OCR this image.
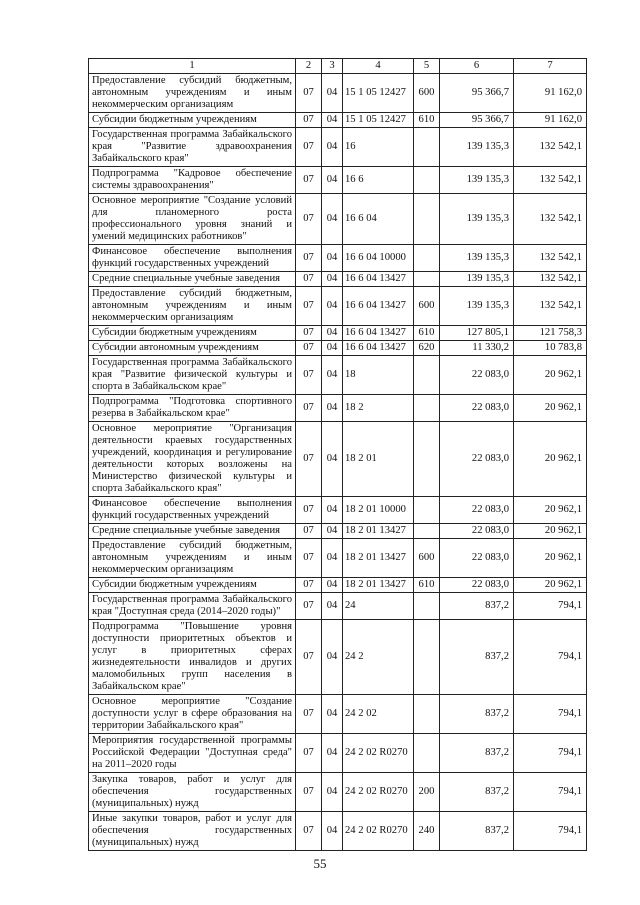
1	2	3	4	5	6	7
Предоставление субсидий бюджетным, автономным учреждениям и иным некоммерческим организациям	07	04	15 1 05 12427	600	95 366,7	91 162,0
Субсидии бюджетным учреждениям	07	04	15 1 05 12427	610	95 366,7	91 162,0
Государственная программа Забайкальского края "Развитие здравоохранения Забайкальского края"	07	04	16		139 135,3	132 542,1
Подпрограмма "Кадровое обеспечение системы здравоохранения"	07	04	16 6		139 135,3	132 542,1
Основное мероприятие "Создание условий для планомерного роста профессионального уровня знаний и умений медицинских работников"	07	04	16 6 04		139 135,3	132 542,1
Финансовое обеспечение выполнения функций государственных учреждений	07	04	16 6 04 10000		139 135,3	132 542,1
Средние специальные учебные заведения	07	04	16 6 04 13427		139 135,3	132 542,1
Предоставление субсидий бюджетным, автономным учреждениям и иным некоммерческим организациям	07	04	16 6 04 13427	600	139 135,3	132 542,1
Субсидии бюджетным учреждениям	07	04	16 6 04 13427	610	127 805,1	121 758,3
Субсидии автономным учреждениям	07	04	16 6 04 13427	620	11 330,2	10 783,8
Государственная программа Забайкальского края "Развитие физической культуры и спорта в Забайкальском крае"	07	04	18		22 083,0	20 962,1
Подпрограмма "Подготовка спортивного резерва в Забайкальском крае"	07	04	18 2		22 083,0	20 962,1
Основное мероприятие "Организация деятельности краевых государственных учреждений, координация и регулирование деятельности которых возложены на Министерство физической культуры и спорта Забайкальского края"	07	04	18 2 01		22 083,0	20 962,1
Финансовое обеспечение выполнения функций государственных учреждений	07	04	18 2 01 10000		22 083,0	20 962,1
Средние специальные учебные заведения	07	04	18 2 01 13427		22 083,0	20 962,1
Предоставление субсидий бюджетным, автономным учреждениям и иным некоммерческим организациям	07	04	18 2 01 13427	600	22 083,0	20 962,1
Субсидии бюджетным учреждениям	07	04	18 2 01 13427	610	22 083,0	20 962,1
Государственная программа Забайкальского края "Доступная среда (2014–2020 годы)"	07	04	24		837,2	794,1
Подпрограмма "Повышение уровня доступности приоритетных объектов и услуг в приоритетных сферах жизнедеятельности инвалидов и других маломобильных групп населения в Забайкальском крае"	07	04	24 2		837,2	794,1
Основное мероприятие "Создание доступности услуг в сфере образования на территории Забайкальского края"	07	04	24 2 02		837,2	794,1
Мероприятия государственной программы Российской Федерации "Доступная среда" на 2011–2020 годы	07	04	24 2 02 R0270		837,2	794,1
Закупка товаров, работ и услуг для обеспечения государственных (муниципальных) нужд	07	04	24 2 02 R0270	200	837,2	794,1
Иные закупки товаров, работ и услуг для обеспечения государственных (муниципальных) нужд	07	04	24 2 02 R0270	240	837,2	794,1
55
